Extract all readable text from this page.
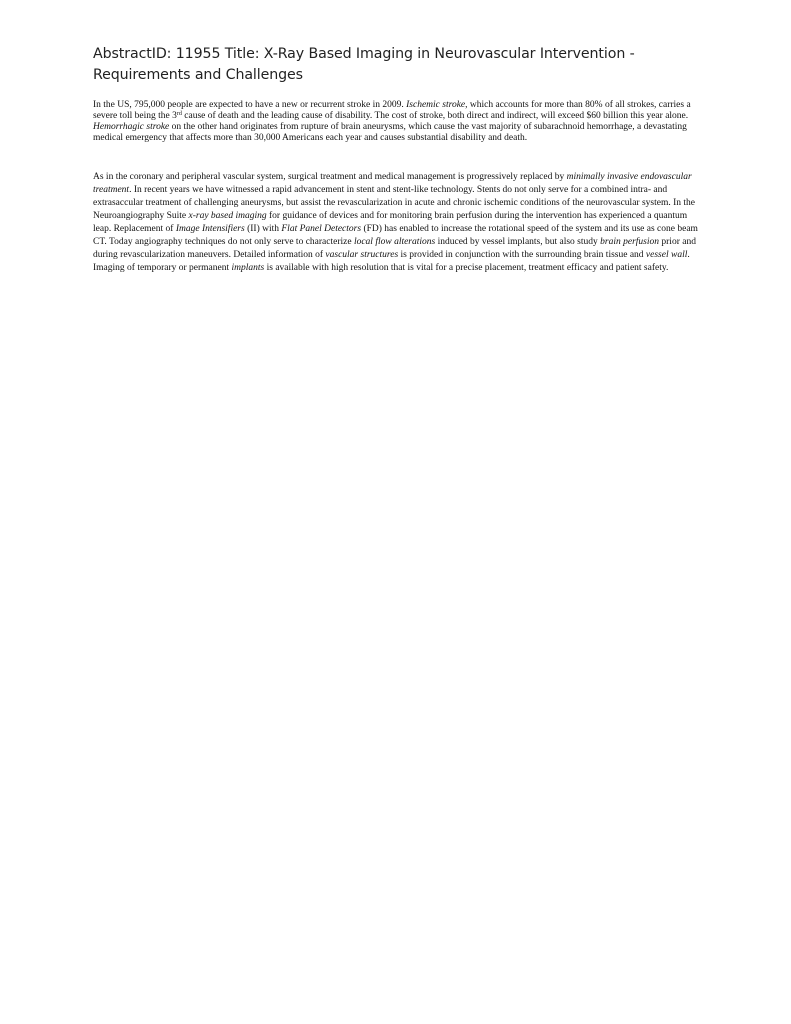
AbstractID: 11955 Title: X-Ray Based Imaging in Neurovascular Intervention - Requirements and Challenges

In the US, 795,000 people are expected to have a new or recurrent stroke in 2009. Ischemic stroke, which accounts for more than 80% of all strokes, carries a severe toll being the 3rd cause of death and the leading cause of disability. The cost of stroke, both direct and indirect, will exceed $60 billion this year alone. Hemorrhagic stroke on the other hand originates from rupture of brain aneurysms, which cause the vast majority of subarachnoid hemorrhage, a devastating medical emergency that affects more than 30,000 Americans each year and causes substantial disability and death.

As in the coronary and peripheral vascular system, surgical treatment and medical management is progressively replaced by minimally invasive endovascular treatment. In recent years we have witnessed a rapid advancement in stent and stent-like technology. Stents do not only serve for a combined intra- and extrasaccular treatment of challenging aneurysms, but assist the revascularization in acute and chronic ischemic conditions of the neurovascular system. In the Neuroangiography Suite x-ray based imaging for guidance of devices and for monitoring brain perfusion during the intervention has experienced a quantum leap. Replacement of Image Intensifiers (II) with Flat Panel Detectors (FD) has enabled to increase the rotational speed of the system and its use as cone beam CT. Today angiography techniques do not only serve to characterize local flow alterations induced by vessel implants, but also study brain perfusion prior and during revascularization maneuvers. Detailed information of vascular structures is provided in conjunction with the surrounding brain tissue and vessel wall. Imaging of temporary or permanent implants is available with high resolution that is vital for a precise placement, treatment efficacy and patient safety.
